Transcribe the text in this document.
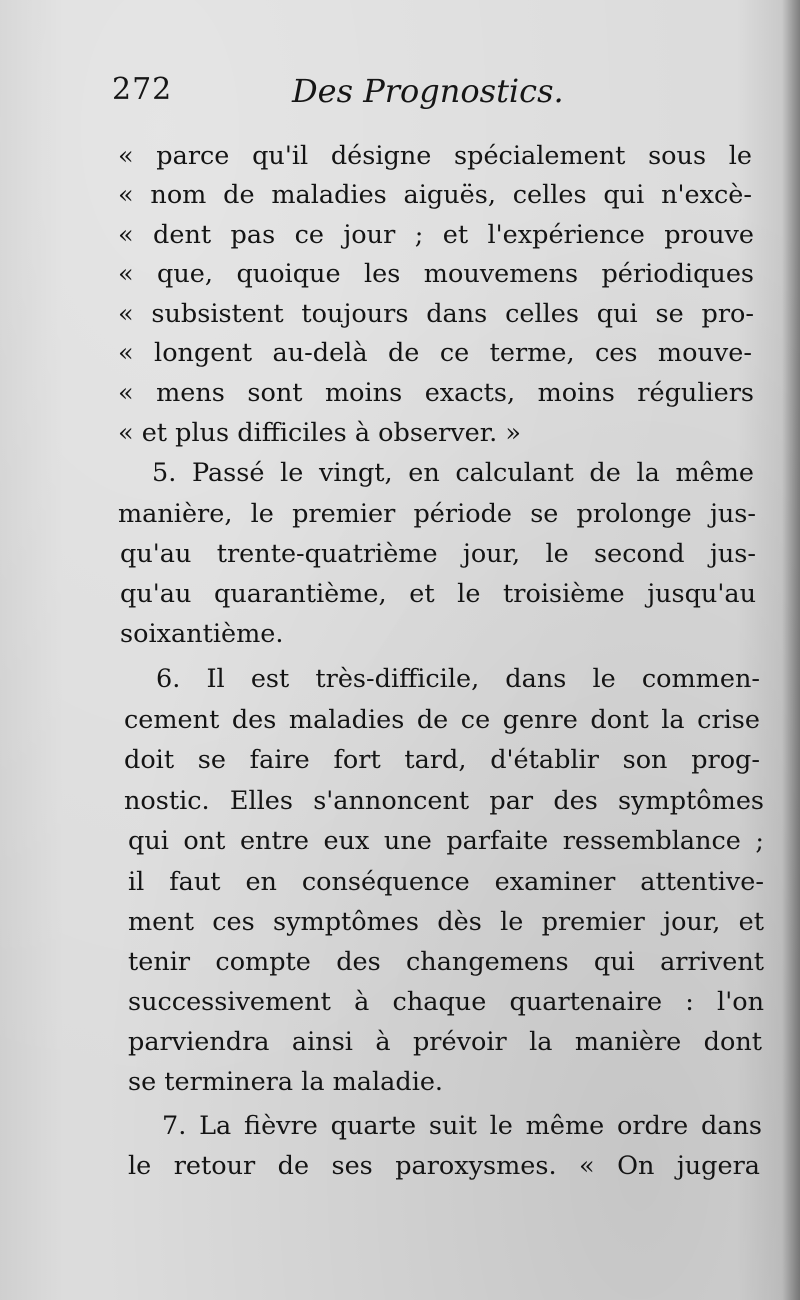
272	Des Prognostics.
« parce qu'il désigne spécialement sous le
« nom de maladies aiguës, celles qui n'excè-
« dent pas ce jour ; et l'expérience prouve
« que, quoique les mouvemens périodiques
« subsistent toujours dans celles qui se pro-
« longent au-delà de ce terme, ces mouve-
« mens sont moins exacts, moins réguliers
« et plus difficiles à observer. »
5. Passé le vingt, en calculant de la même
manière, le premier période se prolonge jus-
qu'au trente-quatrième jour, le second jus-
qu'au quarantième, et le troisième jusqu'au
soixantième.
6. Il est très-difficile, dans le commen-
cement des maladies de ce genre dont la crise
doit se faire fort tard, d'établir son prog-
nostic. Elles s'annoncent par des symptômes
qui ont entre eux une parfaite ressemblance ;
il faut en conséquence examiner attentive-
ment ces symptômes dès le premier jour, et
tenir compte des changemens qui arrivent
successivement à chaque quartenaire : l'on
parviendra ainsi à prévoir la manière dont
se terminera la maladie.
7. La fièvre quarte suit le même ordre dans
le retour de ses paroxysmes. « On jugera
